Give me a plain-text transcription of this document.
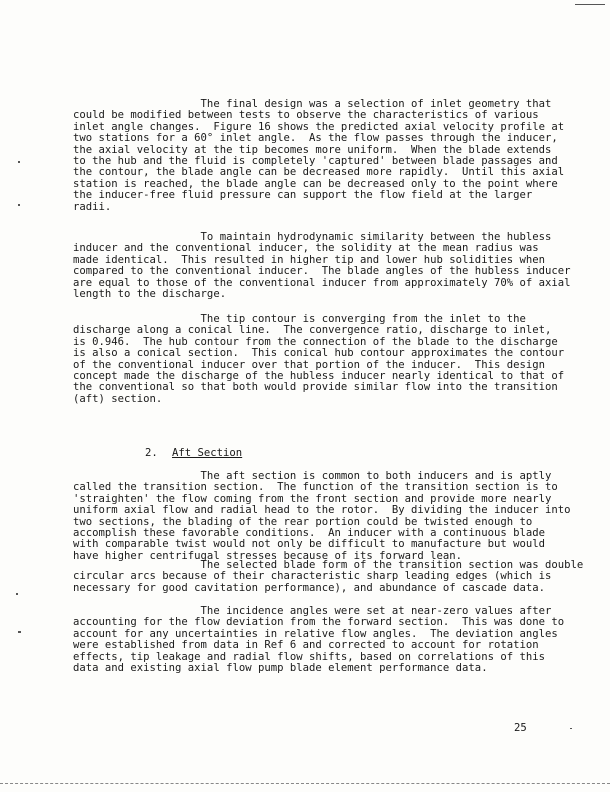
The final design was a selection of inlet geometry that
could be modified between tests to observe the characteristics of various
inlet angle changes.  Figure 16 shows the predicted axial velocity profile at
two stations for a 60° inlet angle.  As the flow passes through the inducer,
the axial velocity at the tip becomes more uniform.  When the blade extends
to the hub and the fluid is completely 'captured' between blade passages and
the contour, the blade angle can be decreased more rapidly.  Until this axial
station is reached, the blade angle can be decreased only to the point where
the inducer-free fluid pressure can support the flow field at the larger
radii.
To maintain hydrodynamic similarity between the hubless
inducer and the conventional inducer, the solidity at the mean radius was
made identical.  This resulted in higher tip and lower hub solidities when
compared to the conventional inducer.  The blade angles of the hubless inducer
are equal to those of the conventional inducer from approximately 70% of axial
length to the discharge.
The tip contour is converging from the inlet to the
discharge along a conical line.  The convergence ratio, discharge to inlet,
is 0.946.  The hub contour from the connection of the blade to the discharge
is also a conical section.  This conical hub contour approximates the contour
of the conventional inducer over that portion of the inducer.  This design
concept made the discharge of the hubless inducer nearly identical to that of
the conventional so that both would provide similar flow into the transition
(aft) section.
2. Aft Section
The aft section is common to both inducers and is aptly
called the transition section.  The function of the transition section is to
'straighten' the flow coming from the front section and provide more nearly
uniform axial flow and radial head to the rotor.  By dividing the inducer into
two sections, the blading of the rear portion could be twisted enough to
accomplish these favorable conditions.  An inducer with a continuous blade
with comparable twist would not only be difficult to manufacture but would
have higher centrifugal stresses because of its forward lean.
The selected blade form of the transition section was double
circular arcs because of their characteristic sharp leading edges (which is
necessary for good cavitation performance), and abundance of cascade data.
The incidence angles were set at near-zero values after
accounting for the flow deviation from the forward section.  This was done to
account for any uncertainties in relative flow angles.  The deviation angles
were established from data in Ref 6 and corrected to account for rotation
effects, tip leakage and radial flow shifts, based on correlations of this
data and existing axial flow pump blade element performance data.
25
